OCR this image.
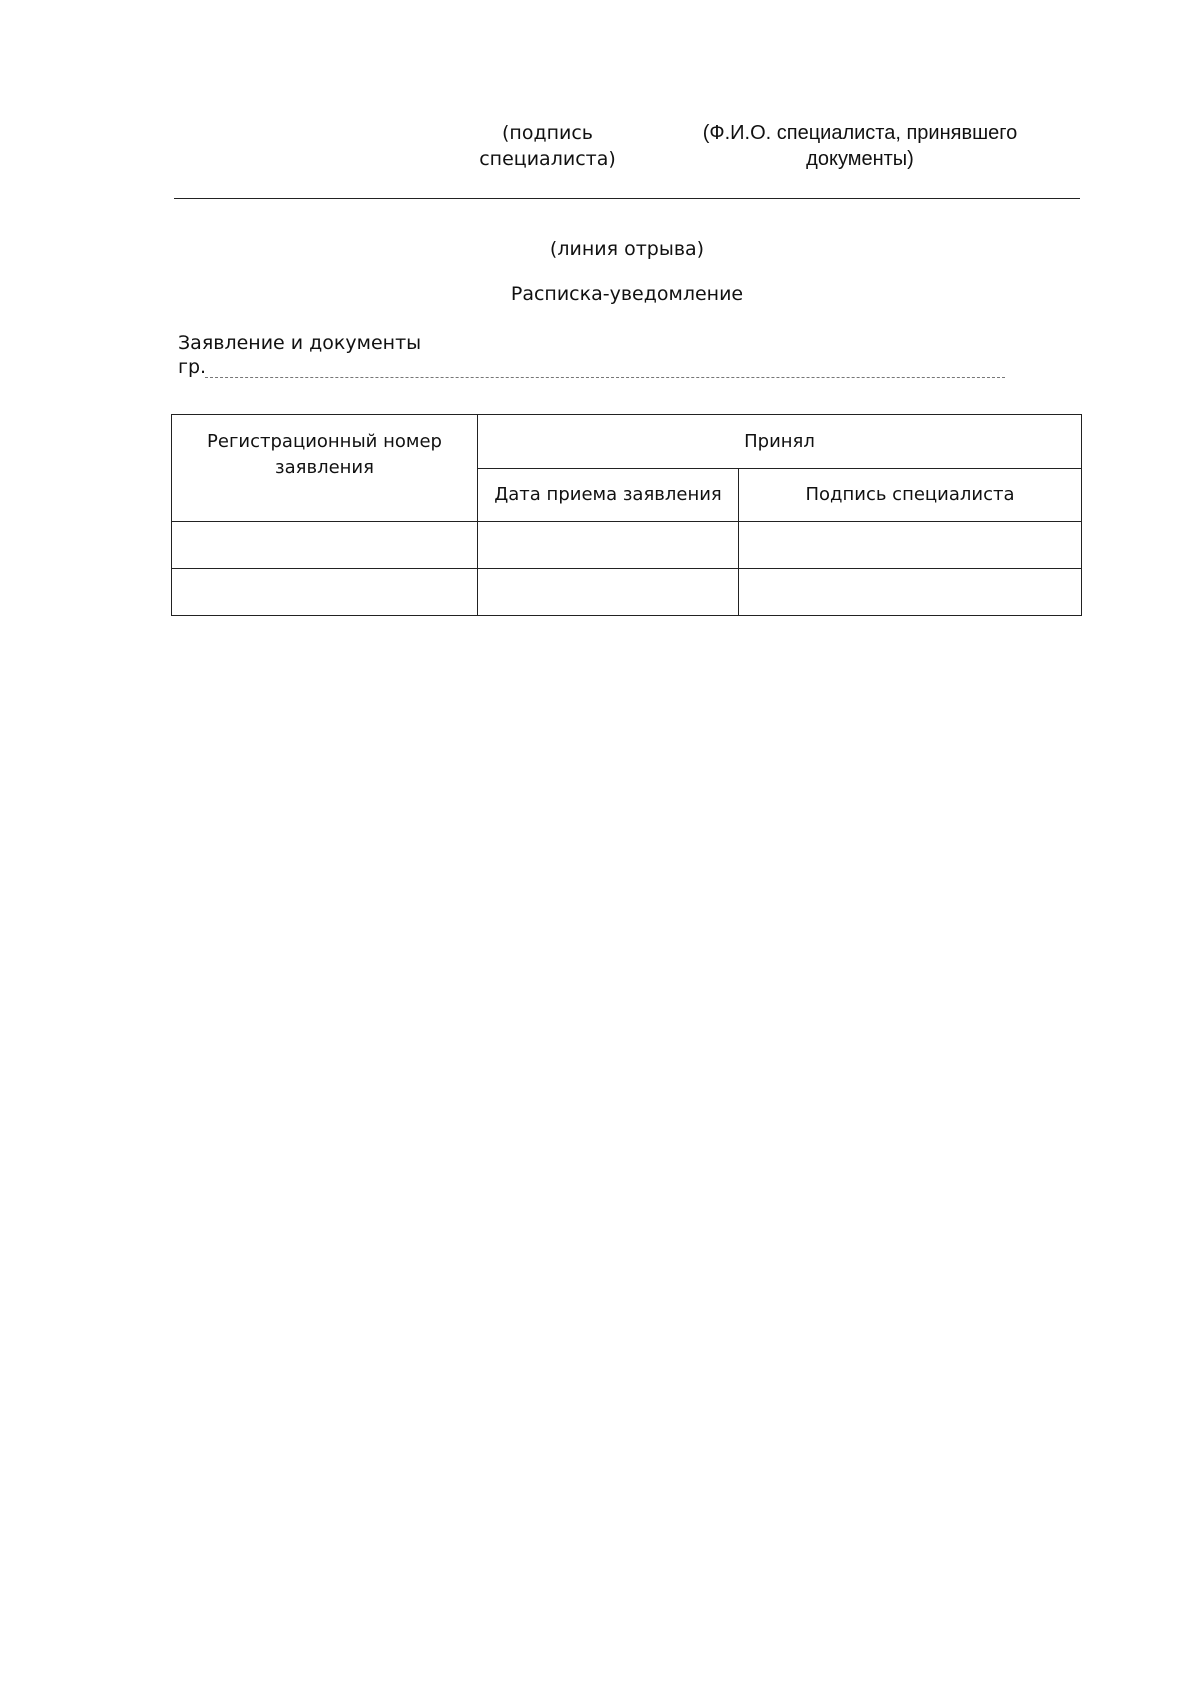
(подпись
специалиста)
(Ф.И.О. специалиста, принявшего
документы)
(линия отрыва)
Расписка-уведомление
Заявление и документы
гр.
Регистрационный номер заявления	Принял	
	Дата приема заявления	Подпись специалиста
